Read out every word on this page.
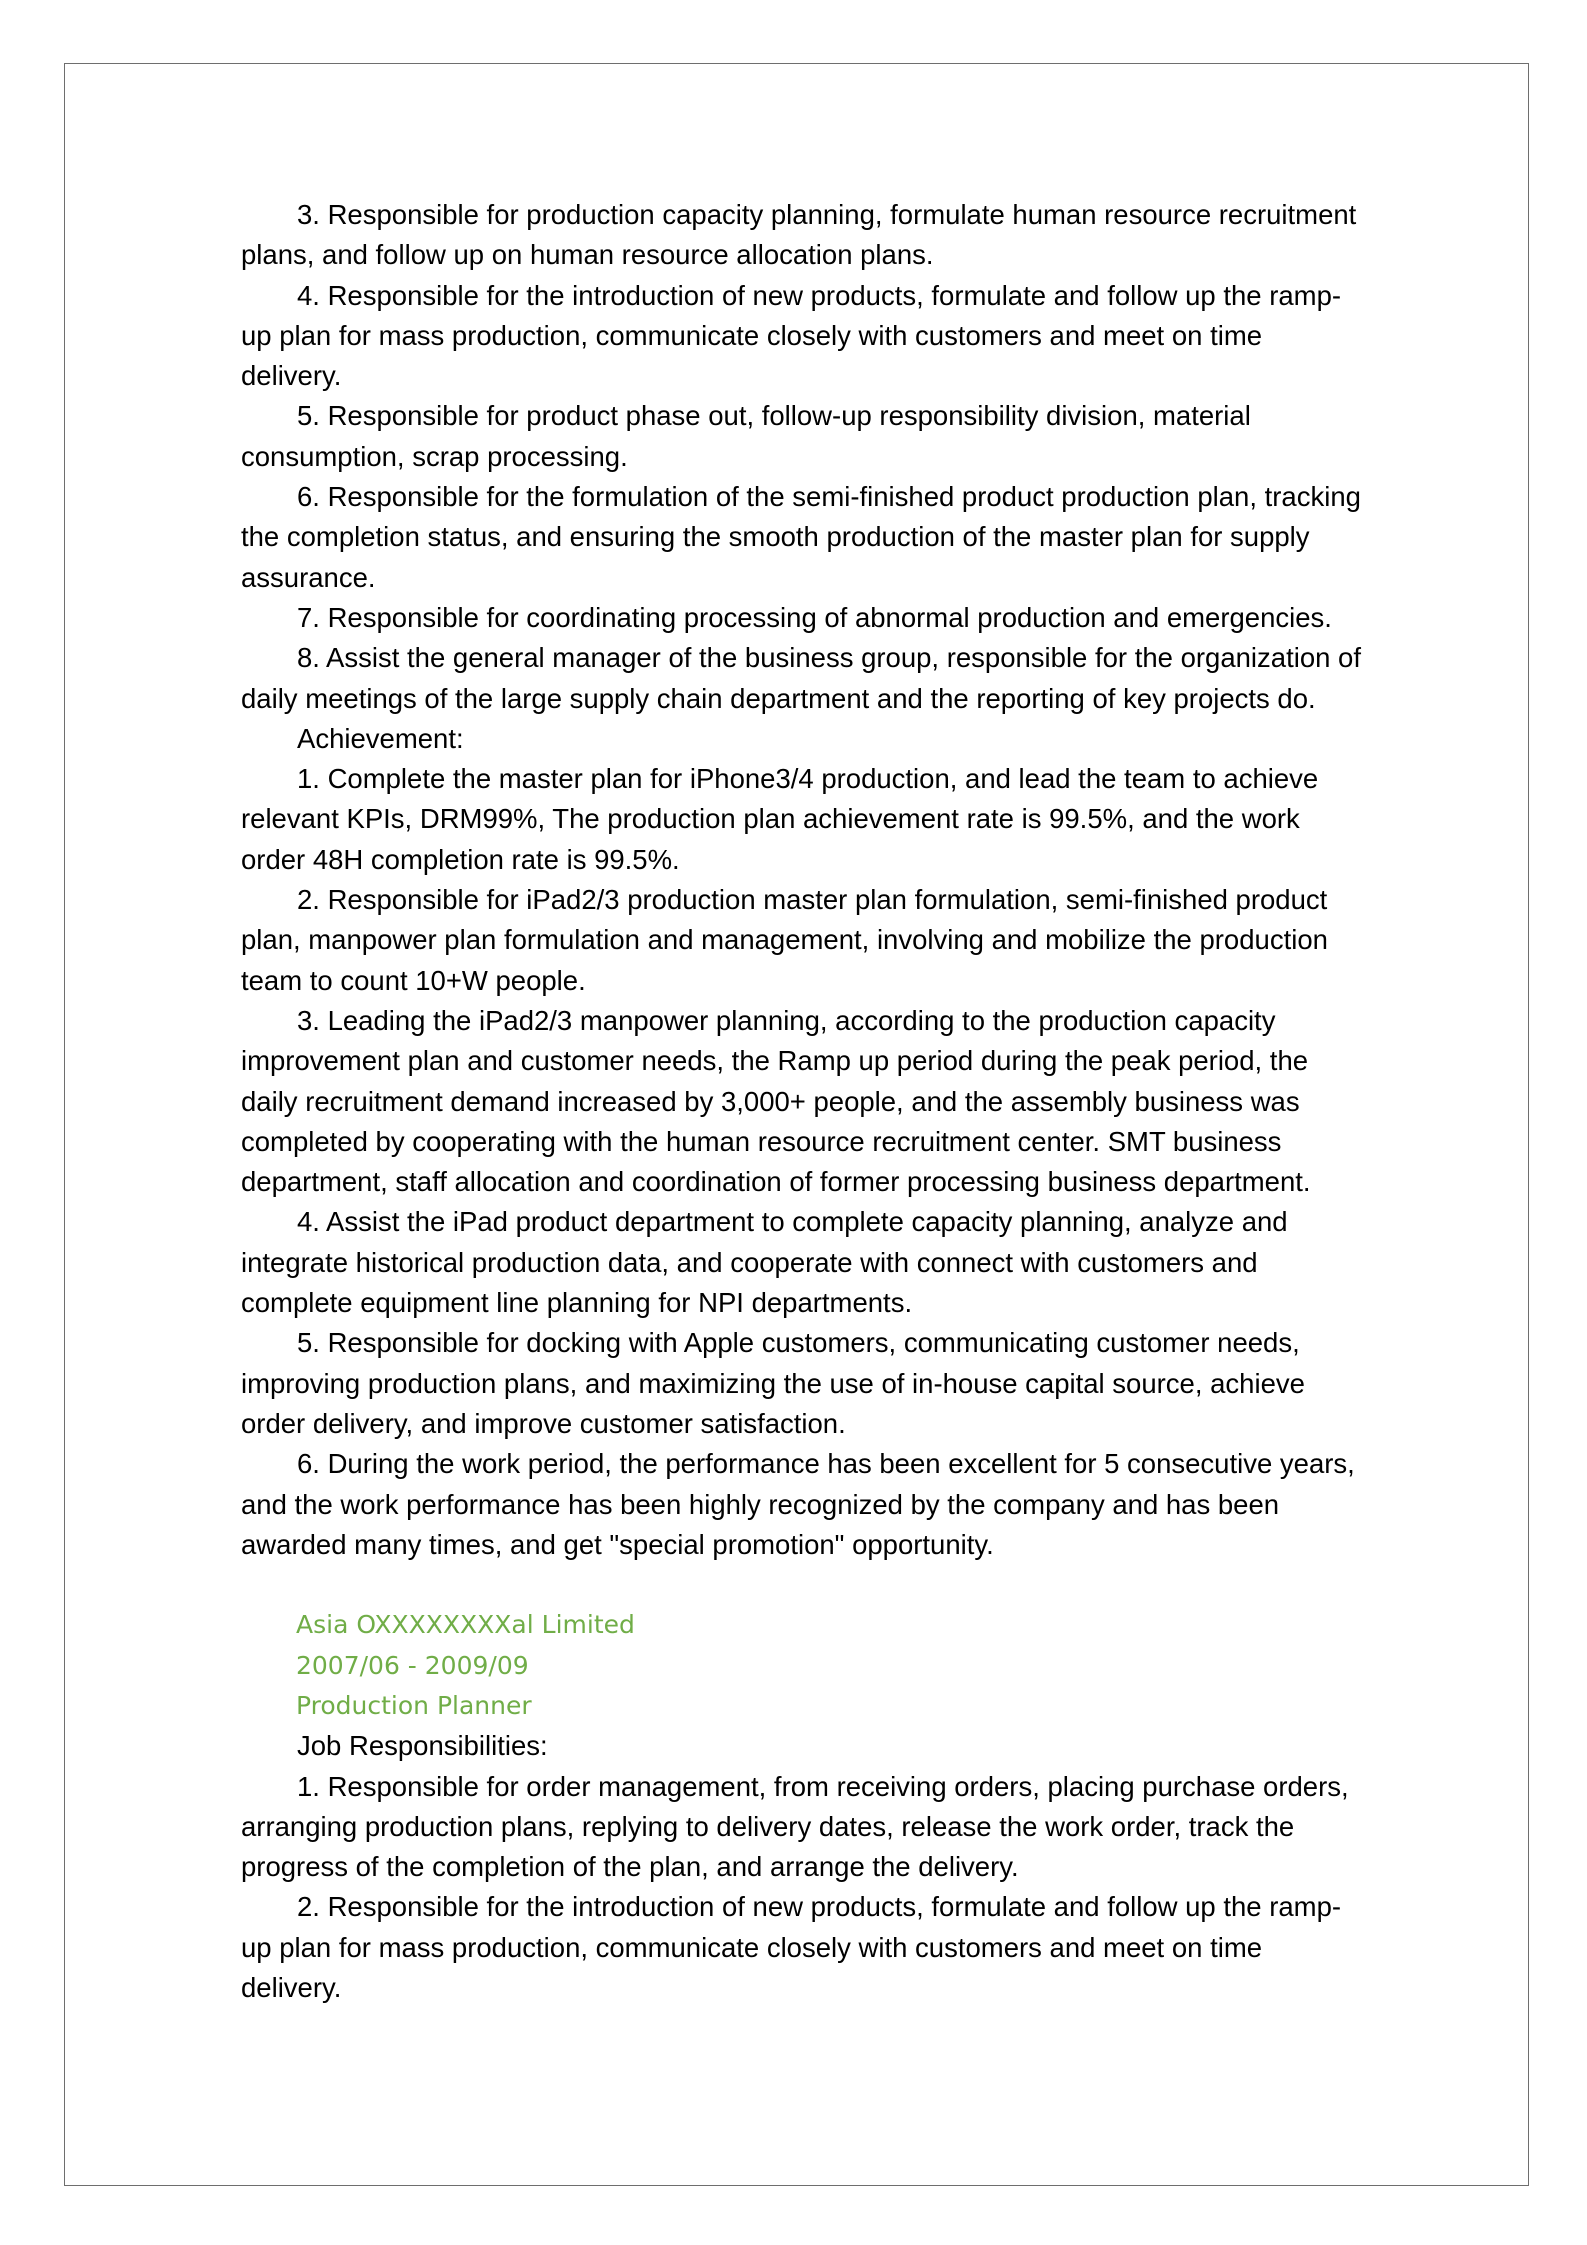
3. Responsible for production capacity planning, formulate human resource recruitment plans, and follow up on human resource allocation plans.

4. Responsible for the introduction of new products, formulate and follow up the ramp-up plan for mass production, communicate closely with customers and meet on time delivery.

5. Responsible for product phase out, follow-up responsibility division, material consumption, scrap processing.

6. Responsible for the formulation of the semi-finished product production plan, tracking the completion status, and ensuring the smooth production of the master plan for supply assurance.

7. Responsible for coordinating processing of abnormal production and emergencies.

8. Assist the general manager of the business group, responsible for the organization of daily meetings of the large supply chain department and the reporting of key projects do.

Achievement:

1. Complete the master plan for iPhone3/4 production, and lead the team to achieve relevant KPIs, DRM99%, The production plan achievement rate is 99.5%, and the work order 48H completion rate is 99.5%.

2. Responsible for iPad2/3 production master plan formulation, semi-finished product plan, manpower plan formulation and management, involving and mobilize the production team to count 10+W people.

3. Leading the iPad2/3 manpower planning, according to the production capacity improvement plan and customer needs, the Ramp up period during the peak period, the daily recruitment demand increased by 3,000+ people, and the assembly business was completed by cooperating with the human resource recruitment center. SMT business department, staff allocation and coordination of former processing business department.

4. Assist the iPad product department to complete capacity planning, analyze and integrate historical production data, and cooperate with connect with customers and complete equipment line planning for NPI departments.

5. Responsible for docking with Apple customers, communicating customer needs, improving production plans, and maximizing the use of in-house capital source, achieve order delivery, and improve customer satisfaction.

6. During the work period, the performance has been excellent for 5 consecutive years, and the work performance has been highly recognized by the company and has been awarded many times, and get "special promotion" opportunity.

Asia OXXXXXXXXal Limited
2007/06 - 2009/09
Production Planner
Job Responsibilities:

1. Responsible for order management, from receiving orders, placing purchase orders, arranging production plans, replying to delivery dates, release the work order, track the progress of the completion of the plan, and arrange the delivery.

2. Responsible for the introduction of new products, formulate and follow up the ramp-up plan for mass production, communicate closely with customers and meet on time delivery.
